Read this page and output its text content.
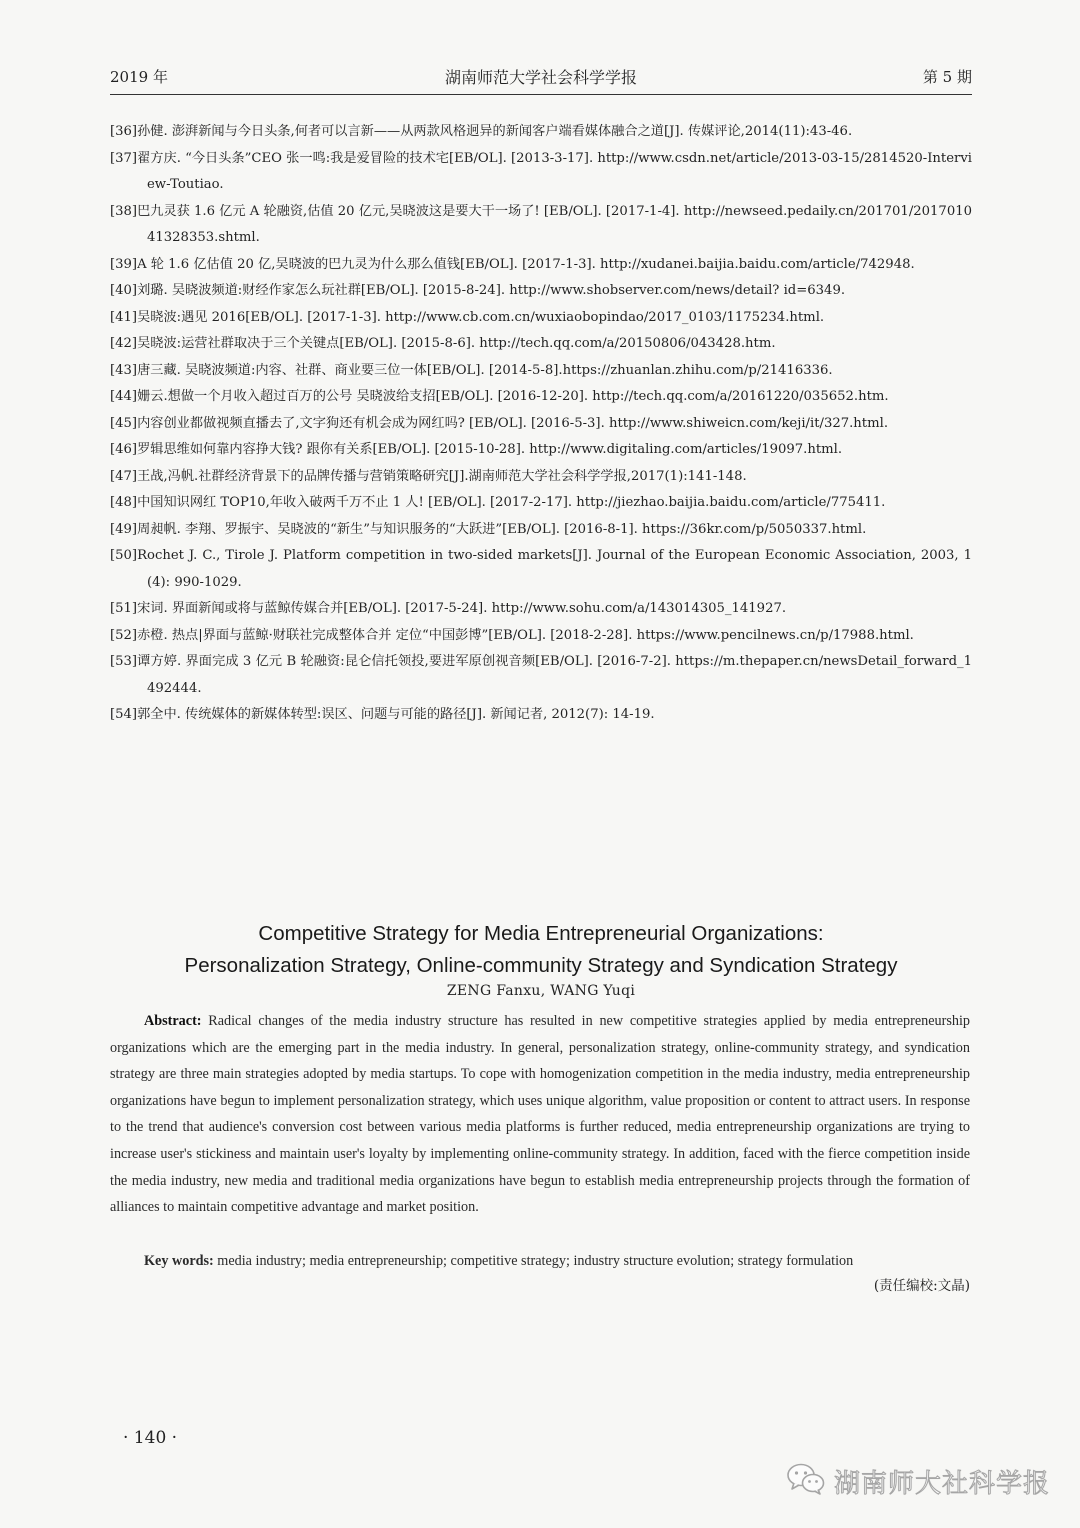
2019 年	湖南师范大学社会科学学报	第 5 期
[36]孙健. 澎湃新闻与今日头条,何者可以言新——从两款风格迥异的新闻客户端看媒体融合之道[J]. 传媒评论,2014(11):43-46.
[37]翟方庆. “今日头条”CEO 张一鸣:我是爱冒险的技术宅[EB/OL]. [2013-3-17]. http://www.csdn.net/article/2013-03-15/2814520-Interview-Toutiao.
[38]巴九灵获 1.6 亿元 A 轮融资,估值 20 亿元,吴晓波这是要大干一场了! [EB/OL]. [2017-1-4]. http://newseed.pedaily.cn/201701/201701041328353.shtml.
[39]A 轮 1.6 亿估值 20 亿,吴晓波的巴九灵为什么那么值钱[EB/OL]. [2017-1-3]. http://xudanei.baijia.baidu.com/article/742948.
[40]刘璐. 吴晓波频道:财经作家怎么玩社群[EB/OL]. [2015-8-24]. http://www.shobserver.com/news/detail? id=6349.
[41]吴晓波:遇见 2016[EB/OL]. [2017-1-3]. http://www.cb.com.cn/wuxiaobopindao/2017_0103/1175234.html.
[42]吴晓波:运营社群取决于三个关键点[EB/OL]. [2015-8-6]. http://tech.qq.com/a/20150806/043428.htm.
[43]唐三藏. 吴晓波频道:内容、社群、商业要三位一体[EB/OL]. [2014-5-8].https://zhuanlan.zhihu.com/p/21416336.
[44]姗云.想做一个月收入超过百万的公号 吴晓波给支招[EB/OL]. [2016-12-20]. http://tech.qq.com/a/20161220/035652.htm.
[45]内容创业都做视频直播去了,文字狗还有机会成为网红吗? [EB/OL]. [2016-5-3]. http://www.shiweicn.com/keji/it/327.html.
[46]罗辑思维如何靠内容挣大钱? 跟你有关系[EB/OL]. [2015-10-28]. http://www.digitaling.com/articles/19097.html.
[47]王战,冯帆.社群经济背景下的品牌传播与营销策略研究[J].湖南师范大学社会科学学报,2017(1):141-148.
[48]中国知识网红 TOP10,年收入破两千万不止 1 人! [EB/OL]. [2017-2-17]. http://jiezhao.baijia.baidu.com/article/775411.
[49]周昶帆. 李翔、罗振宇、吴晓波的“新生”与知识服务的“大跃进”[EB/OL]. [2016-8-1]. https://36kr.com/p/5050337.html.
[50]Rochet J. C., Tirole J. Platform competition in two-sided markets[J]. Journal of the European Economic Association, 2003, 1(4): 990-1029.
[51]宋词. 界面新闻或将与蓝鲸传媒合并[EB/OL]. [2017-5-24]. http://www.sohu.com/a/143014305_141927.
[52]赤橙. 热点|界面与蓝鲸·财联社完成整体合并 定位“中国彭博”[EB/OL]. [2018-2-28]. https://www.pencilnews.cn/p/17988.html.
[53]谭方婷. 界面完成 3 亿元 B 轮融资:昆仑信托领投,要进军原创视音频[EB/OL]. [2016-7-2]. https://m.thepaper.cn/newsDetail_forward_1492444.
[54]郭全中. 传统媒体的新媒体转型:误区、问题与可能的路径[J]. 新闻记者, 2012(7): 14-19.
Competitive Strategy for Media Entrepreneurial Organizations:
Personalization Strategy, Online-community Strategy and Syndication Strategy
ZENG Fanxu, WANG Yuqi
Abstract: Radical changes of the media industry structure has resulted in new competitive strategies applied by media entrepreneurship organizations which are the emerging part in the media industry. In general, personalization strategy, online-community strategy, and syndication strategy are three main strategies adopted by media startups. To cope with homogenization competition in the media industry, media entrepreneurship organizations have begun to implement personalization strategy, which uses unique algorithm, value proposition or content to attract users. In response to the trend that audience's conversion cost between various media platforms is further reduced, media entrepreneurship organizations are trying to increase user's stickiness and maintain user's loyalty by implementing online-community strategy. In addition, faced with the fierce competition inside the media industry, new media and traditional media organizations have begun to establish media entrepreneurship projects through the formation of alliances to maintain competitive advantage and market position.
Key words: media industry; media entrepreneurship; competitive strategy; industry structure evolution; strategy formulation
(责任编校:文晶)
· 140 ·
湖南师大社科学报
